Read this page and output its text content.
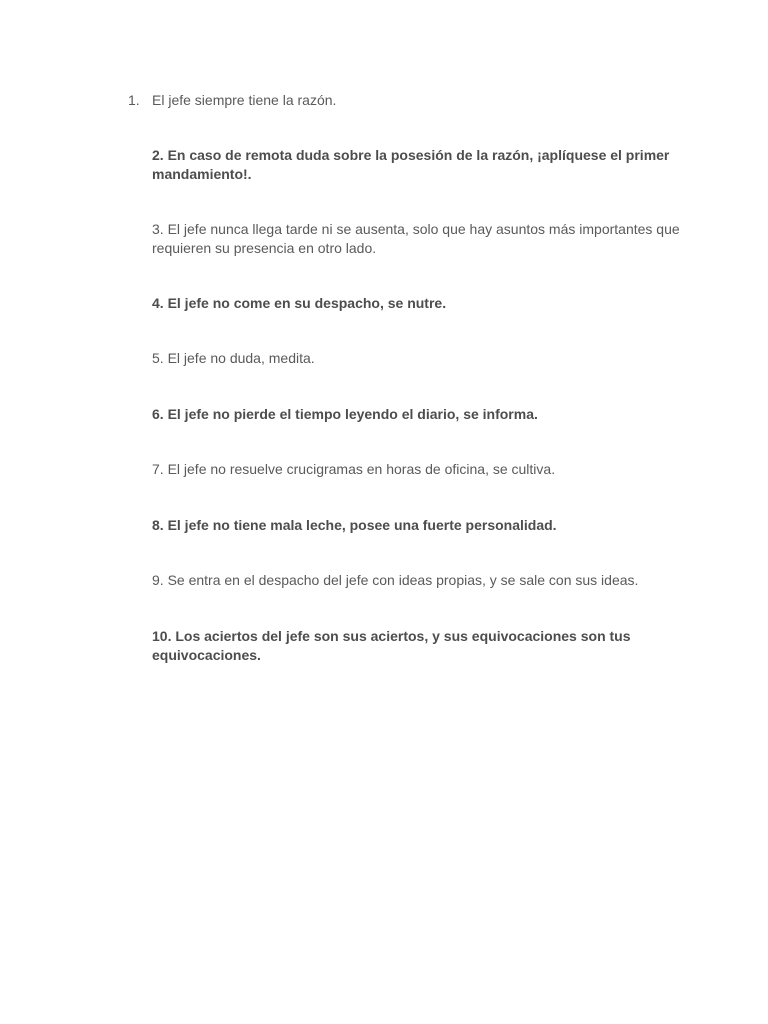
1. El jefe siempre tiene la razón.

2. En caso de remota duda sobre la posesión de la razón, ¡aplíquese el primer mandamiento!.

3. El jefe nunca llega tarde ni se ausenta, solo que hay asuntos más importantes que requieren su presencia en otro lado.

4. El jefe no come en su despacho, se nutre.

5. El jefe no duda, medita.

6. El jefe no pierde el tiempo leyendo el diario, se informa.

7. El jefe no resuelve crucigramas en horas de oficina, se cultiva.

8. El jefe no tiene mala leche, posee una fuerte personalidad.

9. Se entra en el despacho del jefe con ideas propias, y se sale con sus ideas.

10. Los aciertos del jefe son sus aciertos, y sus equivocaciones son tus equivocaciones.
